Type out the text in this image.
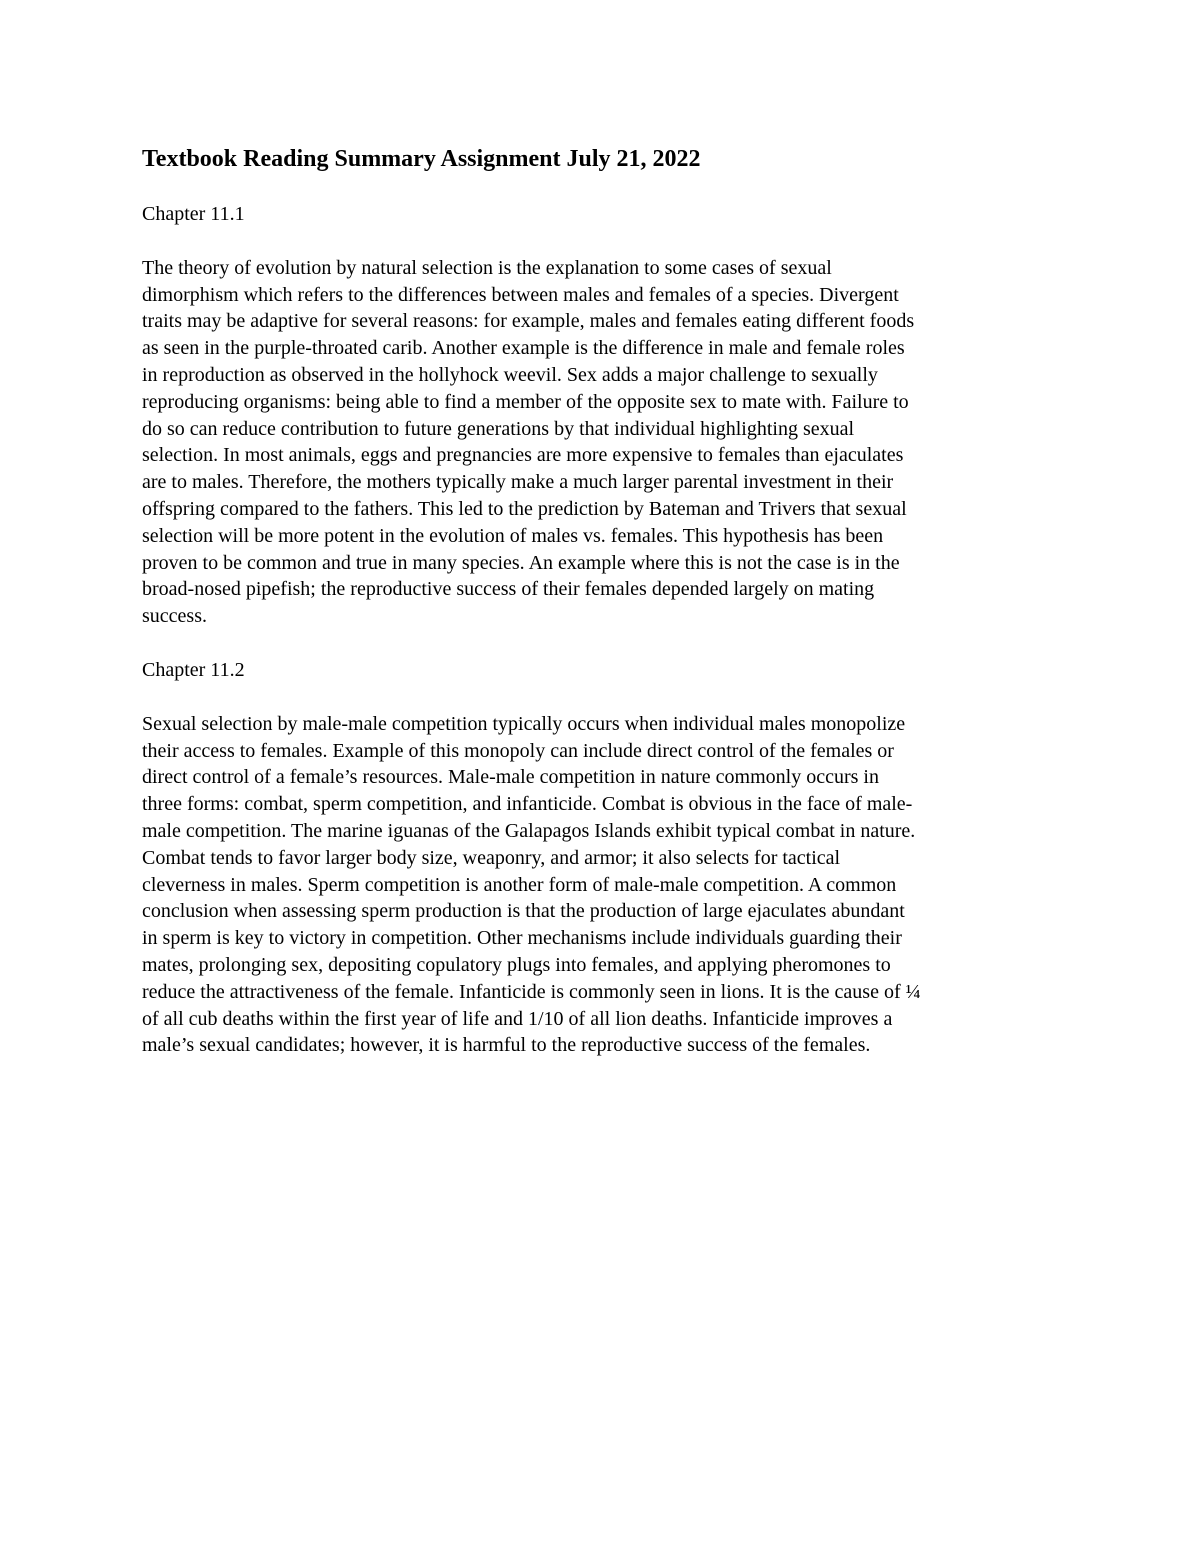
Textbook Reading Summary Assignment July 21, 2022
Chapter 11.1

The theory of evolution by natural selection is the explanation to some cases of sexual
dimorphism which refers to the differences between males and females of a species. Divergent
traits may be adaptive for several reasons: for example, males and females eating different foods
as seen in the purple-throated carib. Another example is the difference in male and female roles
in reproduction as observed in the hollyhock weevil. Sex adds a major challenge to sexually
reproducing organisms: being able to find a member of the opposite sex to mate with. Failure to
do so can reduce contribution to future generations by that individual highlighting sexual
selection. In most animals, eggs and pregnancies are more expensive to females than ejaculates
are to males. Therefore, the mothers typically make a much larger parental investment in their
offspring compared to the fathers. This led to the prediction by Bateman and Trivers that sexual
selection will be more potent in the evolution of males vs. females. This hypothesis has been
proven to be common and true in many species. An example where this is not the case is in the
broad-nosed pipefish; the reproductive success of their females depended largely on mating
success.

Chapter 11.2

Sexual selection by male-male competition typically occurs when individual males monopolize
their access to females. Example of this monopoly can include direct control of the females or
direct control of a female’s resources. Male-male competition in nature commonly occurs in
three forms: combat, sperm competition, and infanticide. Combat is obvious in the face of male-
male competition. The marine iguanas of the Galapagos Islands exhibit typical combat in nature.
Combat tends to favor larger body size, weaponry, and armor; it also selects for tactical
cleverness in males. Sperm competition is another form of male-male competition. A common
conclusion when assessing sperm production is that the production of large ejaculates abundant
in sperm is key to victory in competition. Other mechanisms include individuals guarding their
mates, prolonging sex, depositing copulatory plugs into females, and applying pheromones to
reduce the attractiveness of the female. Infanticide is commonly seen in lions. It is the cause of ¼
of all cub deaths within the first year of life and 1/10 of all lion deaths. Infanticide improves a
male’s sexual candidates; however, it is harmful to the reproductive success of the females.
